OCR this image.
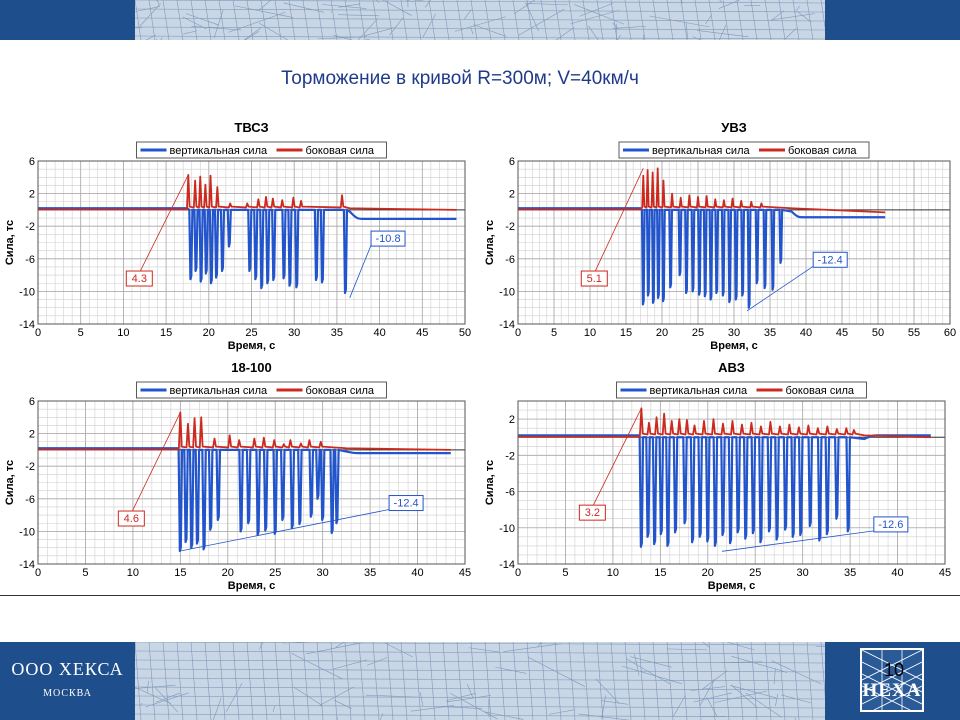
Торможение в кривой R=300м; V=40км/ч
ТВСЗ
вертикальная сила	боковая сила
0	5	10	15	20	25	30	35	40	45	50
6
2
-2
-6
-10
-14
Время, с
Сила, тс
4.3
-10.8
УВЗ
вертикальная сила	боковая сила
0	5 10 15 20 25 30 35 40 45 50 55 60
6
2
-2
-6
-10
-14
Время, с
Сила, тс
5.1
-12.4
18-100
вертикальная сила	боковая сила
0	5	10	15	20	25	30	35	40	45
6
2
-2
-6
-10
-14
Время, с
Сила, тс
4.6
-12.4
АВЗ
вертикальная сила	боковая сила
0	5	10	15	20	25	30	35	40	45
2
-2
-6
-10
-14
Время, с
Сила, тс
3.2
-12.6
ООО ХЕКСА
МОСКВА	HEXA
10
